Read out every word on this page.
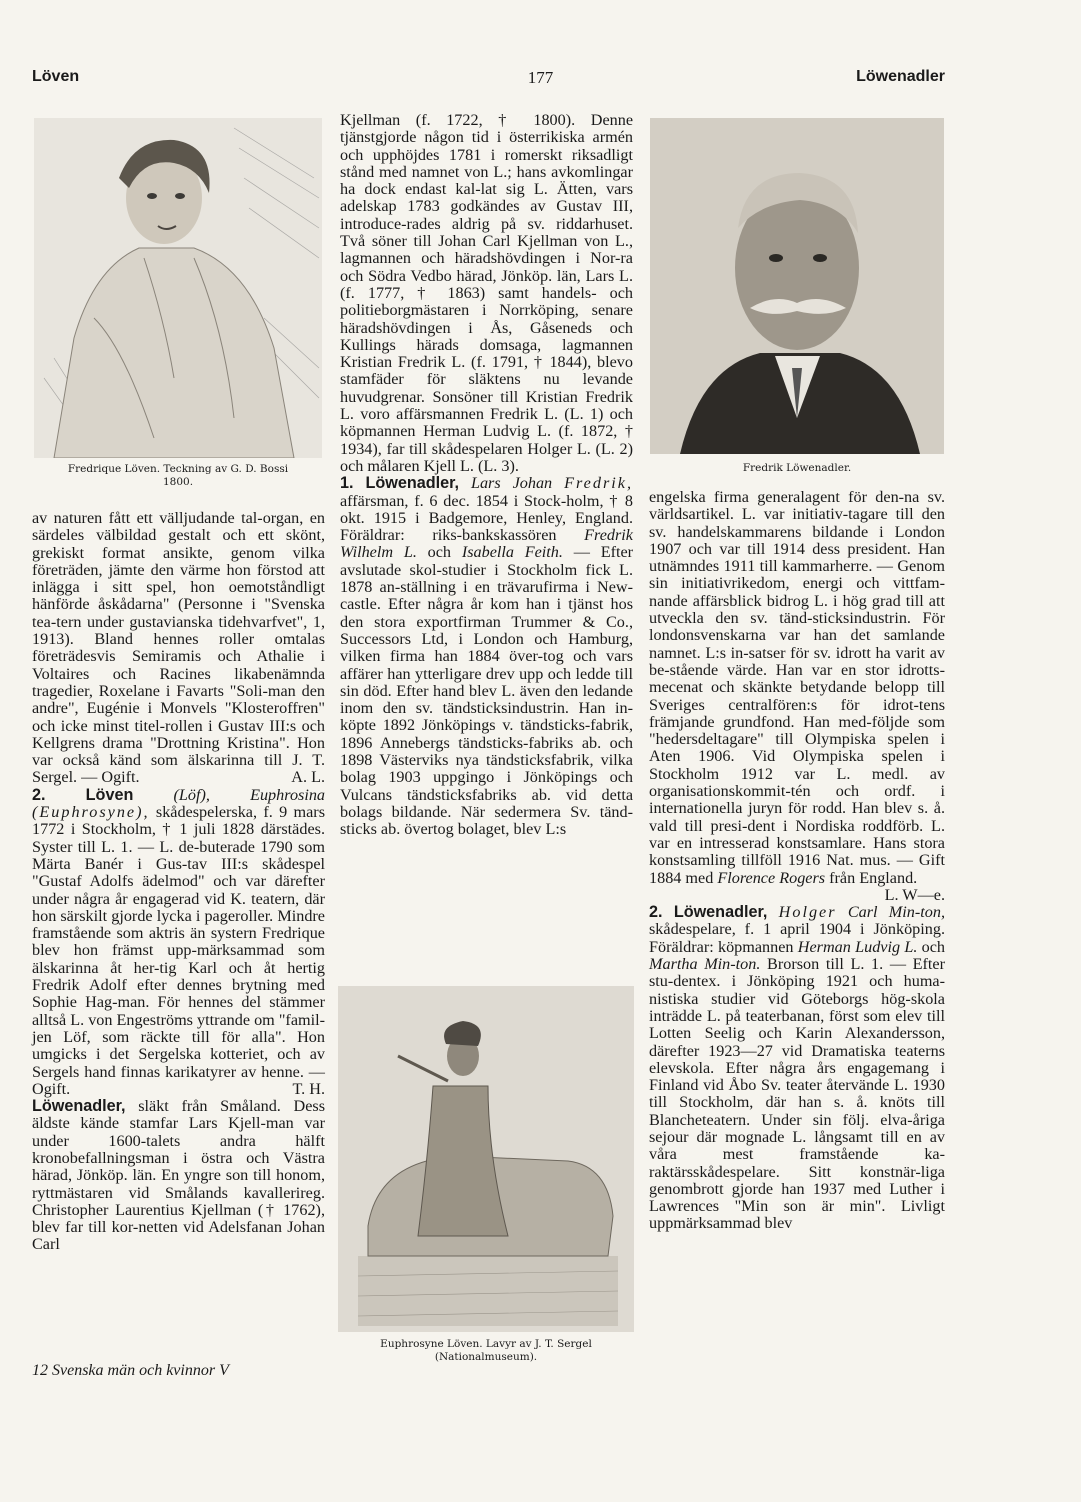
Löven	177	Löwenadler
Fredrique Löven. Teckning av G. D. Bossi
1800.
Fredrik Löwenadler.
Euphrosyne Löven. Lavyr av J. T. Sergel
(Nationalmuseum).

av naturen fått ett välljudande tal-organ, en särdeles välbildad gestalt och ett skönt, grekiskt format ansikte, genom vilka företräden, jämte den värme hon förstod att inlägga i sitt spel, hon oemotståndligt hänförde åskådarna" (Personne i "Svenska tea-tern under gustavianska tidehvarfvet", 1, 1913). Bland hennes roller omtalas företrädesvis Semiramis och Athalie i Voltaires och Racines likabenämnda tragedier, Roxelane i Favarts "Soli-man den andre", Eugénie i Monvels "Klosteroffren" och icke minst titel-rollen i Gustav III:s och Kellgrens drama "Drottning Kristina". Hon var också känd som älskarinna till J. T. Sergel. — Ogift.	A. L.

2. Löven (Löf), Euphrosina (Euphrosyne), skådespelerska, f. 9 mars 1772 i Stockholm, † 1 juli 1828 därstädes. Syster till L. 1. — L. de-buterade 1790 som Märta Banér i Gus-tav III:s skådespel "Gustaf Adolfs ädelmod" och var därefter under några år engagerad vid K. teatern, där hon särskilt gjorde lycka i pageroller. Mindre framstående som aktris än systern Fredrique blev hon främst upp-märksammad som älskarinna åt her-tig Karl och åt hertig Fredrik Adolf efter dennes brytning med Sophie Hag-man. För hennes del stämmer alltså L. von Engeströms yttrande om "famil-jen Löf, som räckte till för alla". Hon umgicks i det Sergelska kotteriet, och av Sergels hand finnas karikatyrer av henne. — Ogift.	T. H.

Löwenadler, släkt från Småland. Dess äldste kände stamfar Lars Kjell-man var under 1600-talets andra hälft kronobefallningsman i östra och Västra härad, Jönköp. län. En yngre son till honom, ryttmästaren vid Smålands kavallerireg. Christopher Laurentius Kjellman († 1762), blev far till kor-netten vid Adelsfanan Johan Carl

Kjellman (f. 1722, † 1800). Denne tjänstgjorde någon tid i österrikiska armén och upphöjdes 1781 i romerskt riksadligt stånd med namnet von L.; hans avkomlingar ha dock endast kal-lat sig L. Ätten, vars adelskap 1783 godkändes av Gustav III, introduce-rades aldrig på sv. riddarhuset. Två söner till Johan Carl Kjellman von L., lagmannen och häradshövdingen i Nor-ra och Södra Vedbo härad, Jönköp. län, Lars L. (f. 1777, † 1863) samt handels- och politieborgmästaren i Norrköping, senare häradshövdingen i Ås, Gåseneds och Kullings härads domsaga, lagmannen Kristian Fredrik L. (f. 1791, † 1844), blevo stamfäder för släktens nu levande huvudgrenar. Sonsöner till Kristian Fredrik L. voro affärsmannen Fredrik L. (L. 1) och köpmannen Herman Ludvig L. (f. 1872, † 1934), far till skådespelaren Holger L. (L. 2) och målaren Kjell L. (L. 3).

1. Löwenadler, Lars Johan Fredrik, affärsman, f. 6 dec. 1854 i Stock-holm, † 8 okt. 1915 i Badgemore, Henley, England. Föräldrar: riks-bankskassören Fredrik Wilhelm L. och Isabella Feith. — Efter avslutade skol-studier i Stockholm fick L. 1878 an-ställning i en trävarufirma i New-castle. Efter några år kom han i tjänst hos den stora exportfirman Trummer & Co., Successors Ltd, i London och Hamburg, vilken firma han 1884 över-tog och vars affärer han ytterligare drev upp och ledde till sin död. Efter hand blev L. även den ledande inom den sv. tändsticksindustrin. Han in-köpte 1892 Jönköpings v. tändsticks-fabrik, 1896 Annebergs tändsticks-fabriks ab. och 1898 Västerviks nya tändsticksfabrik, vilka bolag 1903 uppgingo i Jönköpings och Vulcans tändsticksfabriks ab. vid detta bolags bildande. När sedermera Sv. tänd-sticks ab. övertog bolaget, blev L:s

engelska firma generalagent för den-na sv. världsartikel. L. var initiativ-tagare till den sv. handelskammarens bildande i London 1907 och var till 1914 dess president. Han utnämndes 1911 till kammarherre. — Genom sin initiativrikedom, energi och vittfam-nande affärsblick bidrog L. i hög grad till att utveckla den sv. tänd-sticksindustrin. För londonsvenskarna var han det samlande namnet. L:s in-satser för sv. idrott ha varit av be-stående värde. Han var en stor idrotts-mecenat och skänkte betydande belopp till Sveriges centralfören:s för idrot-tens främjande grundfond. Han med-följde som "hedersdeltagare" till Olympiska spelen i Aten 1906. Vid Olympiska spelen i Stockholm 1912 var L. medl. av organisationskommit-tén och ordf. i internationella juryn för rodd. Han blev s. å. vald till presi-dent i Nordiska roddförb. L. var en intresserad konstsamlare. Hans stora konstsamling tillföll 1916 Nat. mus. — Gift 1884 med Florence Rogers från England.
L. W—e.

2. Löwenadler, Holger Carl Min-ton, skådespelare, f. 1 april 1904 i Jönköping. Föräldrar: köpmannen Herman Ludvig L. och Martha Min-ton. Brorson till L. 1. — Efter stu-dentex. i Jönköping 1921 och huma-nistiska studier vid Göteborgs hög-skola inträdde L. på teaterbanan, först som elev till Lotten Seelig och Karin Alexandersson, därefter 1923—27 vid Dramatiska teaterns elevskola. Efter några års engagemang i Finland vid Åbo Sv. teater återvände L. 1930 till Stockholm, där han s. å. knöts till Blancheteatern. Under sin följ. elva-åriga sejour där mognade L. långsamt till en av våra mest framstående ka-raktärsskådespelare. Sitt konstnär-liga genombrott gjorde han 1937 med Luther i Lawrences "Min son är min". Livligt uppmärksammad blev

12 Svenska män och kvinnor V
